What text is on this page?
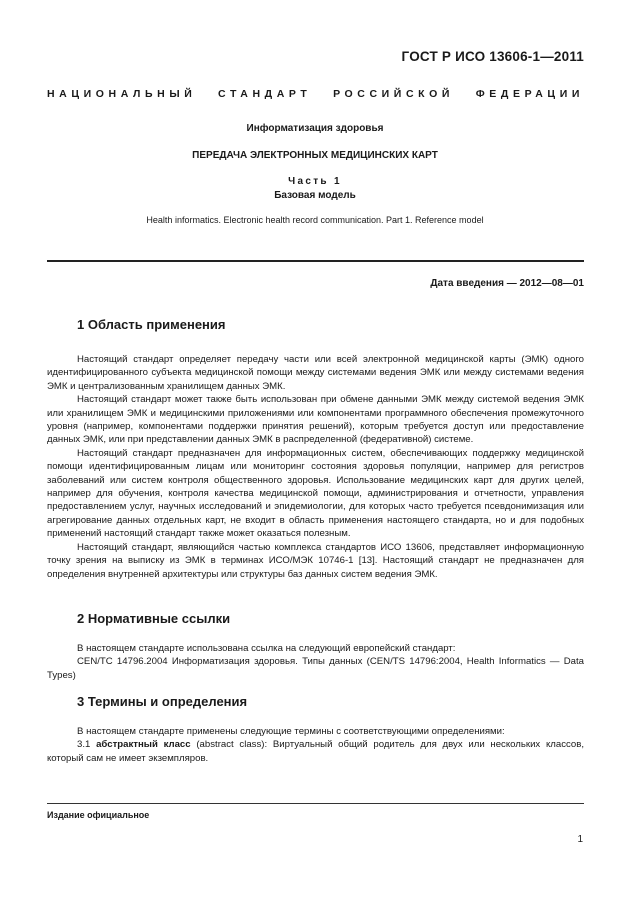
ГОСТ Р ИСО 13606-1—2011
НАЦИОНАЛЬНЫЙ СТАНДАРТ РОССИЙСКОЙ ФЕДЕРАЦИИ
Информатизация здоровья
ПЕРЕДАЧА ЭЛЕКТРОННЫХ МЕДИЦИНСКИХ КАРТ
Часть 1
Базовая модель
Health informatics. Electronic health record communication. Part 1. Reference model
Дата введения — 2012—08—01
1 Область применения

Настоящий стандарт определяет передачу части или всей электронной медицинской карты (ЭМК) одного идентифицированного субъекта медицинской помощи между системами ведения ЭМК или между системами ведения ЭМК и централизованным хранилищем данных ЭМК.

Настоящий стандарт может также быть использован при обмене данными ЭМК между системой ведения ЭМК или хранилищем ЭМК и медицинскими приложениями или компонентами программного обеспечения промежуточного уровня (например, компонентами поддержки принятия решений), которым требуется доступ или предоставление данных ЭМК, или при представлении данных ЭМК в распределенной (федеративной) системе.

Настоящий стандарт предназначен для информационных систем, обеспечивающих поддержку медицинской помощи идентифицированным лицам или мониторинг состояния здоровья популяции, например для регистров заболеваний или систем контроля общественного здоровья. Использование медицинских карт для других целей, например для обучения, контроля качества медицинской помощи, администрирования и отчетности, управления предоставлением услуг, научных исследований и эпидемиологии, для которых часто требуется псевдонимизация или агрегирование данных отдельных карт, не входит в область применения настоящего стандарта, но и для подобных применений настоящий стандарт также может оказаться полезным.

Настоящий стандарт, являющийся частью комплекса стандартов ИСО 13606, представляет информационную точку зрения на выписку из ЭМК в терминах ИСО/МЭК 10746-1 [13]. Настоящий стандарт не предназначен для определения внутренней архитектуры или структуры баз данных систем ведения ЭМК.

2 Нормативные ссылки

В настоящем стандарте использована ссылка на следующий европейский стандарт:

CEN/TC 14796.2004 Информатизация здоровья. Типы данных (CEN/TS 14796:2004, Health Informatics — Data Types)

3 Термины и определения

В настоящем стандарте применены следующие термины с соответствующими определениями:

3.1 абстрактный класс (abstract class): Виртуальный общий родитель для двух или нескольких классов, который сам не имеет экземпляров.

Издание официальное
1
